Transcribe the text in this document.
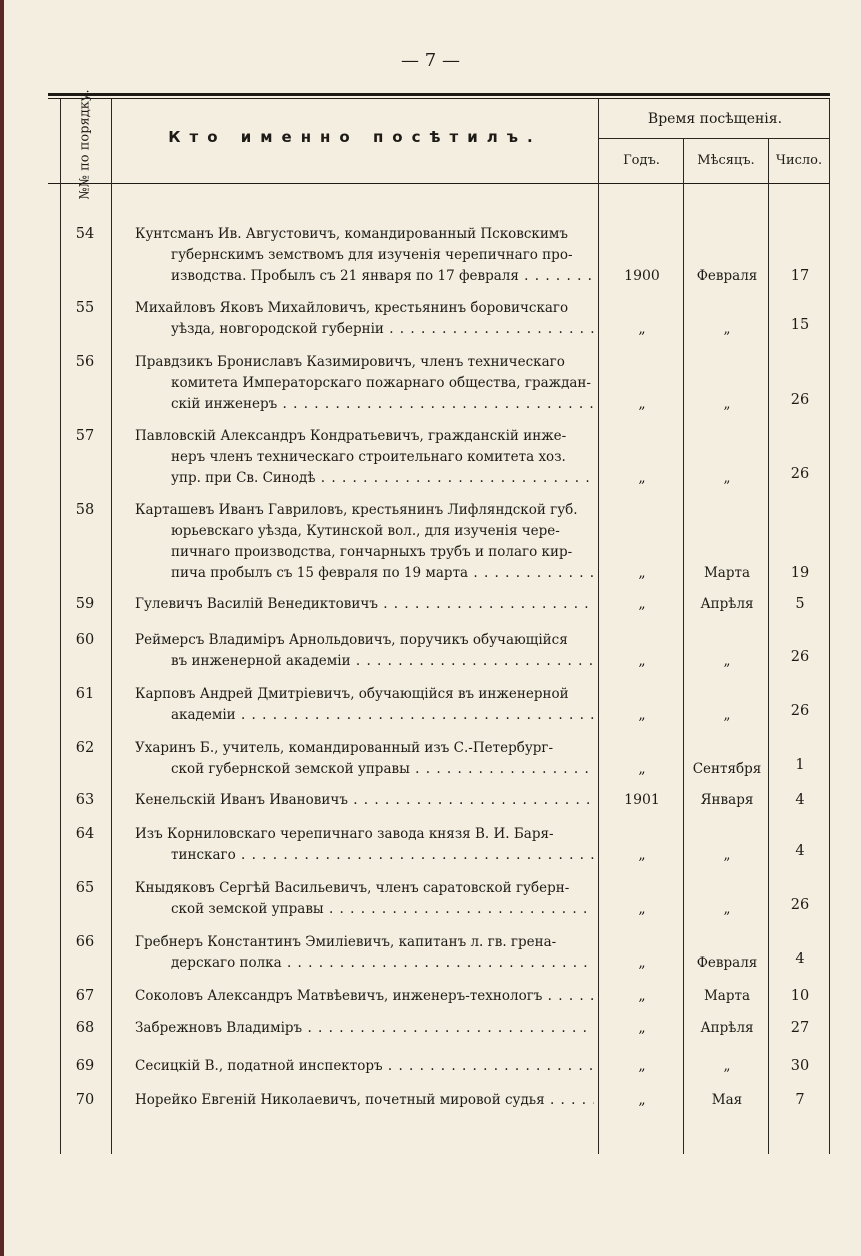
— 7 —
№№ по порядку.	Кто именно посѣтилъ.
Время посѣщенія.
Годъ.	Мѣсяцъ.	Число.
54	Кунтсманъ Ив. Августовичъ, командированный Псковскимъ
губернскимъ земствомъ для изученія черепичнаго про-
изводства. Пробылъ съ 21 января по 17 февраля . . .	1900	Февраля	17
55	Михайловъ Яковъ Михайловичъ, крестьянинъ боровичскаго
уѣзда, новгородской губерніи . . .	„	„	15
56	Правдзикъ Брониславъ Казимировичъ, членъ техническаго
комитета Императорскаго пожарнаго общества, граждан-
скій инженеръ . . .	„	„	26
57	Павловскій Александръ Кондратьевичъ, гражданскій инже-
неръ членъ техническаго строительнаго комитета хоз.
упр. при Св. Синодѣ . . .	„	„	26
58	Карташевъ Иванъ Гавриловъ, крестьянинъ Лифляндской губ.
юрьевскаго уѣзда, Кутинской вол., для изученія чере-
пичнаго производства, гончарныхъ трубъ и полаго кир-
пича пробылъ съ 15 февраля по 19 марта . . .	„	Марта	19
59	Гулевичъ Василій Венедиктовичъ . . .	„	Апрѣля	5
60	Реймерсъ Владиміръ Арнольдовичъ, поручикъ обучающійся
въ инженерной академіи . . .	„	„	26
61	Карповъ Андрей Дмитріевичъ, обучающійся въ инженерной
академіи . . .	„	„	26
62	Ухаринъ Б., учитель, командированный изъ С.-Петербург-
ской губернской земской управы . . .	„	Сентября	1
63	Кенельскій Иванъ Ивановичъ . . .	1901	Января	4
64	Изъ Корниловскаго черепичнаго завода князя В. И. Баря-
тинскаго . . .	„	„	4
65	Кныдяковъ Сергѣй Васильевичъ, членъ саратовской губерн-
ской земской управы . . .	„	„	26
66	Гребнеръ Константинъ Эмиліевичъ, капитанъ л. гв. грена-
дерскаго полка . . .	„	Февраля	4
67	Соколовъ Александръ Матвѣевичъ, инженеръ-технологъ . . .	„	Марта	10
68	Забрежновъ Владиміръ . . .	„	Апрѣля	27
69	Сесицкій В., податной инспекторъ . . .	„	„	30
70	Норейко Евгеній Николаевичъ, почетный мировой судья . . .	„	Мая	7
